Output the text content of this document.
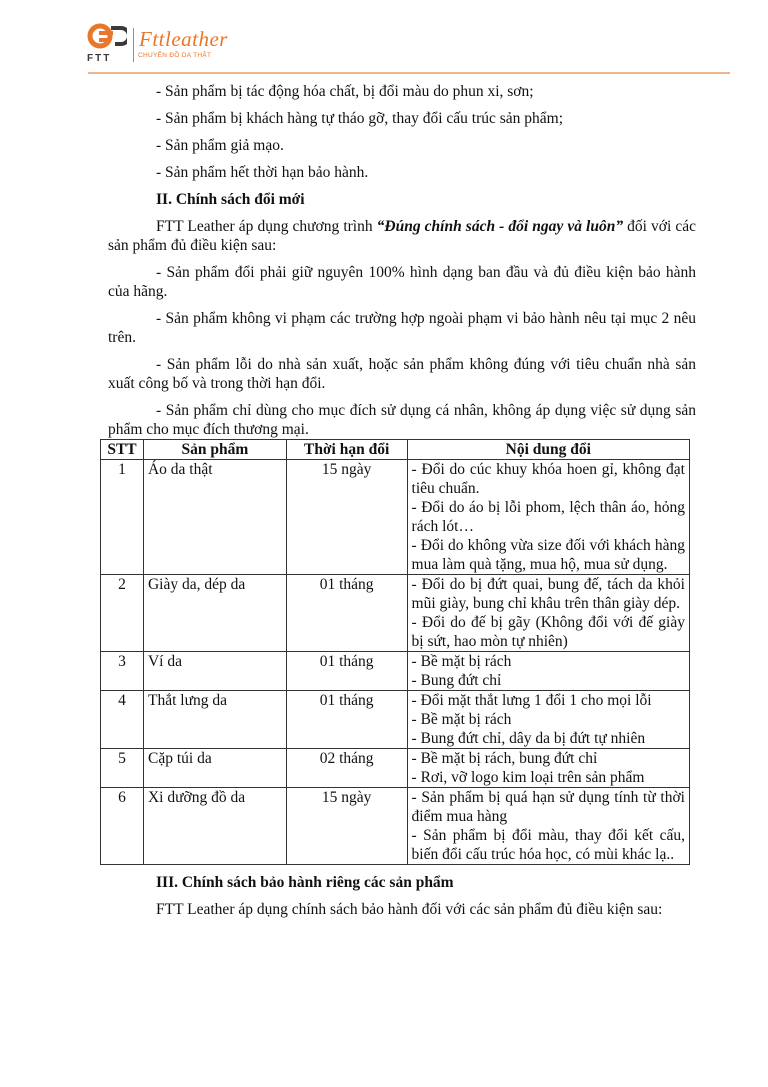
FTT
Fttleather
CHUYÊN ĐỒ DA THẬT

- Sản phẩm bị tác động hóa chất, bị đổi màu do phun xi, sơn;

- Sản phẩm bị khách hàng tự tháo gỡ, thay đổi cấu trúc sản phẩm;

- Sản phẩm giả mạo.

- Sản phẩm hết thời hạn bảo hành.

II. Chính sách đổi mới

FTT Leather áp dụng chương trình “Đúng chính sách - đổi ngay và luôn” đối với các sản phẩm đủ điều kiện sau:

- Sản phẩm đổi phải giữ nguyên 100% hình dạng ban đầu và đủ điều kiện bảo hành của hãng.

- Sản phẩm không vi phạm các trường hợp ngoài phạm vi bảo hành nêu tại mục 2 nêu trên.

- Sản phẩm lỗi do nhà sản xuất, hoặc sản phẩm không đúng với tiêu chuẩn nhà sản xuất công bố và trong thời hạn đổi.

- Sản phẩm chỉ dùng cho mục đích sử dụng cá nhân, không áp dụng việc sử dụng sản phẩm cho mục đích thương mại.

STT	Sản phẩm	Thời hạn đổi	Nội dung đổi
1	Áo da thật	15 ngày	- Đổi do cúc khuy khóa hoen gỉ, không đạt tiêu chuẩn.
- Đổi do áo bị lỗi phom, lệch thân áo, hỏng rách lót…
- Đổi do không vừa size đối với khách hàng mua làm quà tặng, mua hộ, mua sử dụng.

2	Giày da, dép da	01 tháng	- Đổi do bị đứt quai, bung đế, tách da khỏi mũi giày, bung chỉ khâu trên thân giày dép.
- Đổi do đế bị gãy (Không đổi với đế giày bị sứt, hao mòn tự nhiên)

3	Ví da	01 tháng	- Bề mặt bị rách
- Bung đứt chỉ

4	Thắt lưng da	01 tháng	- Đổi mặt thắt lưng 1 đổi 1 cho mọi lỗi
- Bề mặt bị rách
- Bung đứt chỉ, dây da bị đứt tự nhiên

5	Cặp túi da	02 tháng	- Bề mặt bị rách, bung đứt chỉ
- Rơi, vỡ logo kim loại trên sản phẩm

6	Xi dưỡng đồ da	15 ngày	- Sản phẩm bị quá hạn sử dụng tính từ thời điểm mua hàng
- Sản phẩm bị đổi màu, thay đổi kết cấu, biến đổi cấu trúc hóa học, có mùi khác lạ..

III. Chính sách bảo hành riêng các sản phẩm

FTT Leather áp dụng chính sách bảo hành đối với các sản phẩm đủ điều kiện sau:
